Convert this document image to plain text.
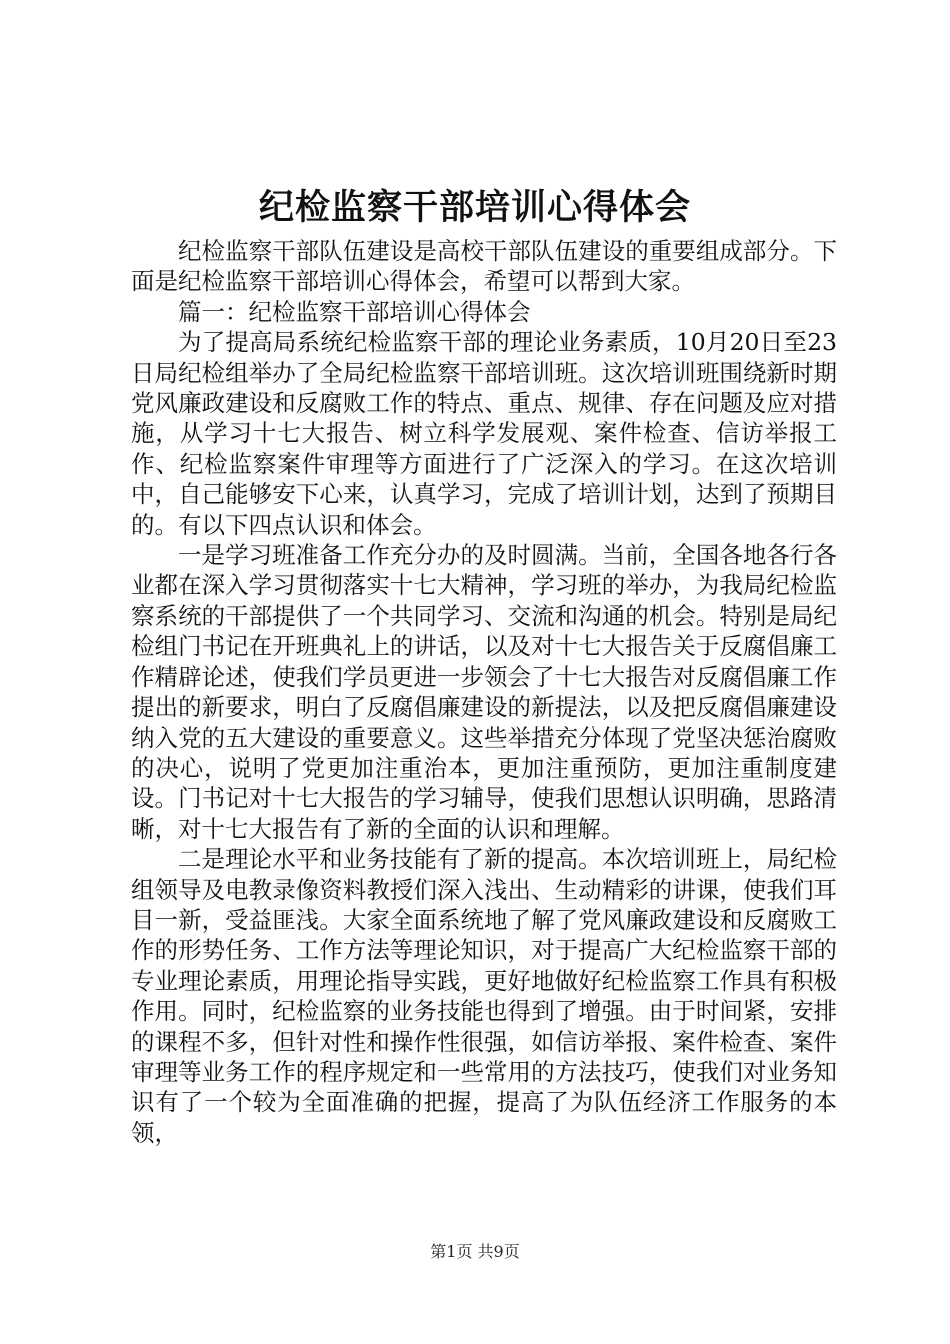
纪检监察干部培训心得体会

纪检监察干部队伍建设是高校干部队伍建设的重要组成部分。下面是纪检监察干部培训心得体会，希望可以帮到大家。

篇一：纪检监察干部培训心得体会

为了提高局系统纪检监察干部的理论业务素质，10月20日至23日局纪检组举办了全局纪检监察干部培训班。这次培训班围绕新时期党风廉政建设和反腐败工作的特点、重点、规律、存在问题及应对措施，从学习十七大报告、树立科学发展观、案件检查、信访举报工作、纪检监察案件审理等方面进行了广泛深入的学习。在这次培训中，自己能够安下心来，认真学习，完成了培训计划，达到了预期目的。有以下四点认识和体会。

一是学习班准备工作充分办的及时圆满。当前，全国各地各行各业都在深入学习贯彻落实十七大精神，学习班的举办，为我局纪检监察系统的干部提供了一个共同学习、交流和沟通的机会。特别是局纪检组门书记在开班典礼上的讲话，以及对十七大报告关于反腐倡廉工作精辟论述，使我们学员更进一步领会了十七大报告对反腐倡廉工作提出的新要求，明白了反腐倡廉建设的新提法，以及把反腐倡廉建设纳入党的五大建设的重要意义。这些举措充分体现了党坚决惩治腐败的决心，说明了党更加注重治本，更加注重预防，更加注重制度建设。门书记对十七大报告的学习辅导，使我们思想认识明确，思路清晰，对十七大报告有了新的全面的认识和理解。

二是理论水平和业务技能有了新的提高。本次培训班上，局纪检组领导及电教录像资料教授们深入浅出、生动精彩的讲课，使我们耳目一新，受益匪浅。大家全面系统地了解了党风廉政建设和反腐败工作的形势任务、工作方法等理论知识，对于提高广大纪检监察干部的专业理论素质，用理论指导实践，更好地做好纪检监察工作具有积极作用。同时，纪检监察的业务技能也得到了增强。由于时间紧，安排的课程不多，但针对性和操作性很强，如信访举报、案件检查、案件审理等业务工作的程序规定和一些常用的方法技巧，使我们对业务知识有了一个较为全面准确的把握，提高了为队伍经济工作服务的本领，

第1页 共9页
